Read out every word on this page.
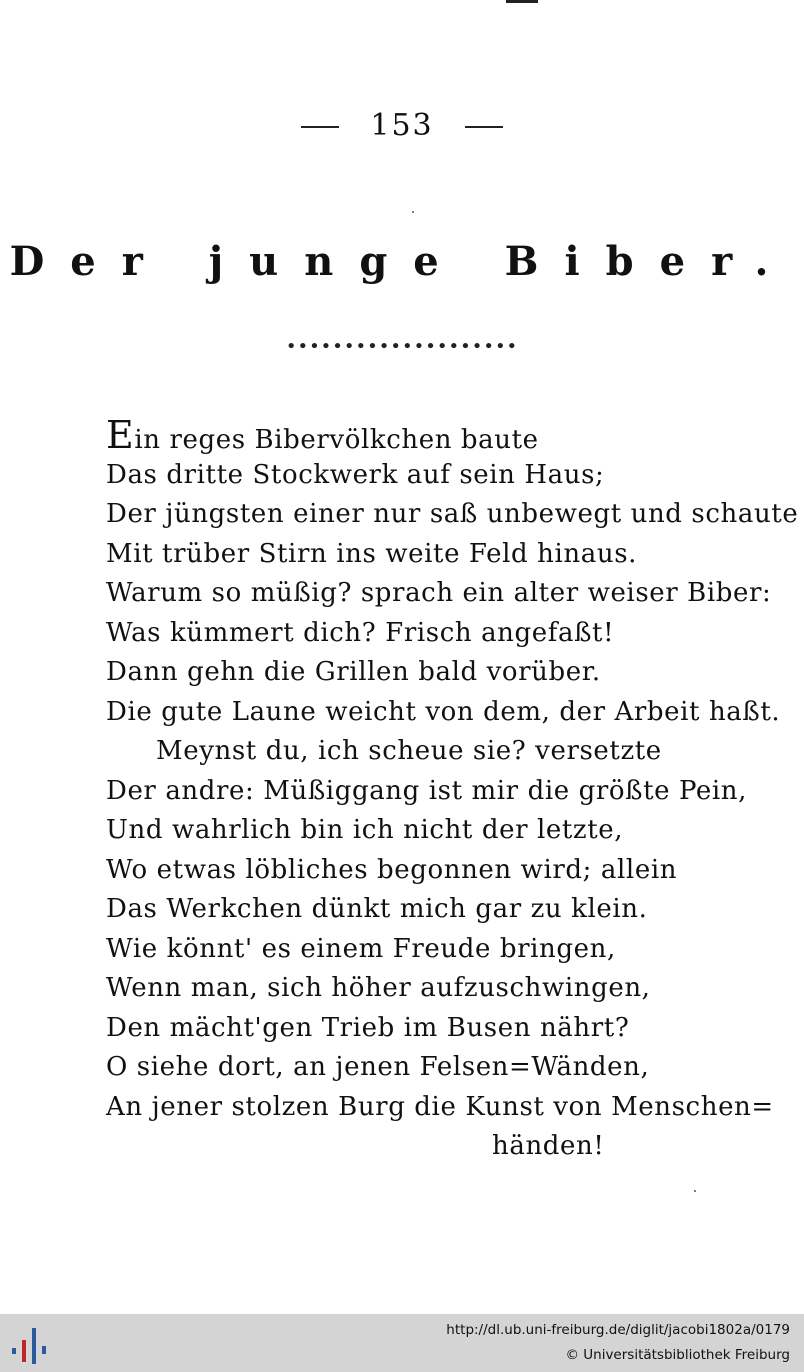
153
Der junge Biber.
••••••••••••••••••••
Ein reges Bibervölkchen baute
Das dritte Stockwerk auf sein Haus;
Der jüngsten einer nur saß unbewegt und schaute
Mit trüber Stirn ins weite Feld hinaus.
Warum so müßig? sprach ein alter weiser Biber:
Was kümmert dich? Frisch angefaßt!
Dann gehn die Grillen bald vorüber.
Die gute Laune weicht von dem, der Arbeit haßt.
Meynst du, ich scheue sie? versetzte
Der andre: Müßiggang ist mir die größte Pein,
Und wahrlich bin ich nicht der letzte,
Wo etwas löbliches begonnen wird; allein
Das Werkchen dünkt mich gar zu klein.
Wie könnt' es einem Freude bringen,
Wenn man, sich höher aufzuschwingen,
Den mächt'gen Trieb im Busen nährt?
O siehe dort, an jenen Felsen=Wänden,
An jener stolzen Burg die Kunst von Menschen=
händen!
http://dl.ub.uni-freiburg.de/diglit/jacobi1802a/0179
© Universitätsbibliothek Freiburg
